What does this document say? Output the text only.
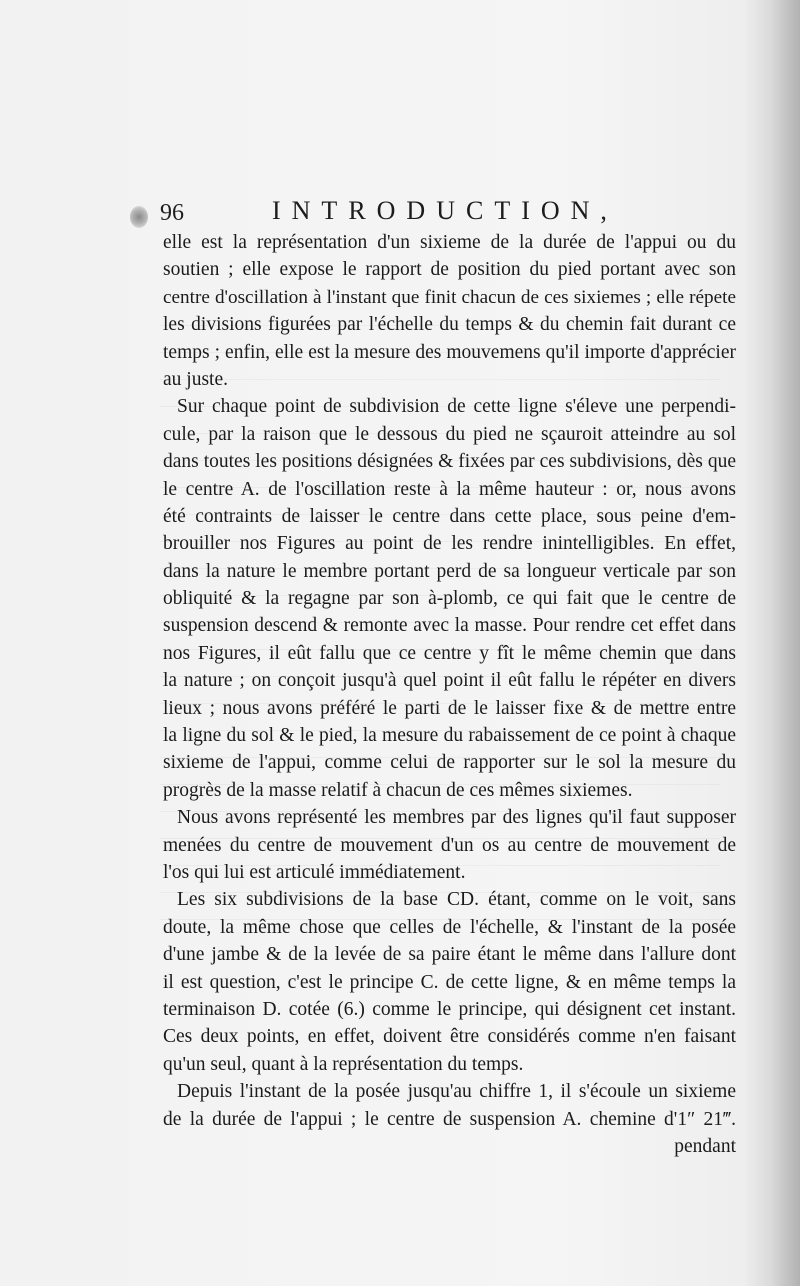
96	INTRODUCTION,
elle est la représentation d'un sixieme de la durée de l'appui ou du
soutien ; elle expose le rapport de position du pied portant avec son
centre d'oscillation à l'instant que finit chacun de ces sixiemes ; elle répete
les divisions figurées par l'échelle du temps & du chemin fait durant ce
temps ; enfin, elle est la mesure des mouvemens qu'il importe d'apprécier
au juste.
Sur chaque point de subdivision de cette ligne s'éleve une perpendi-
cule, par la raison que le dessous du pied ne sçauroit atteindre au sol
dans toutes les positions désignées & fixées par ces subdivisions, dès que
le centre A. de l'oscillation reste à la même hauteur : or, nous avons
été contraints de laisser le centre dans cette place, sous peine d'em-
brouiller nos Figures au point de les rendre inintelligibles. En effet,
dans la nature le membre portant perd de sa longueur verticale par son
obliquité & la regagne par son à-plomb, ce qui fait que le centre de
suspension descend & remonte avec la masse. Pour rendre cet effet dans
nos Figures, il eût fallu que ce centre y fît le même chemin que dans
la nature ; on conçoit jusqu'à quel point il eût fallu le répéter en divers
lieux ; nous avons préféré le parti de le laisser fixe & de mettre entre
la ligne du sol & le pied, la mesure du rabaissement de ce point à chaque
sixieme de l'appui, comme celui de rapporter sur le sol la mesure du
progrès de la masse relatif à chacun de ces mêmes sixiemes.
Nous avons représenté les membres par des lignes qu'il faut supposer
menées du centre de mouvement d'un os au centre de mouvement de
l'os qui lui est articulé immédiatement.
Les six subdivisions de la base CD. étant, comme on le voit, sans
doute, la même chose que celles de l'échelle, & l'instant de la posée
d'une jambe & de la levée de sa paire étant le même dans l'allure dont
il est question, c'est le principe C. de cette ligne, & en même temps la
terminaison D. cotée (6.) comme le principe, qui désignent cet instant.
Ces deux points, en effet, doivent être considérés comme n'en faisant
qu'un seul, quant à la représentation du temps.
Depuis l'instant de la posée jusqu'au chiffre 1, il s'écoule un sixieme
de la durée de l'appui ; le centre de suspension A. chemine d'1″ 21‴.
pendant
